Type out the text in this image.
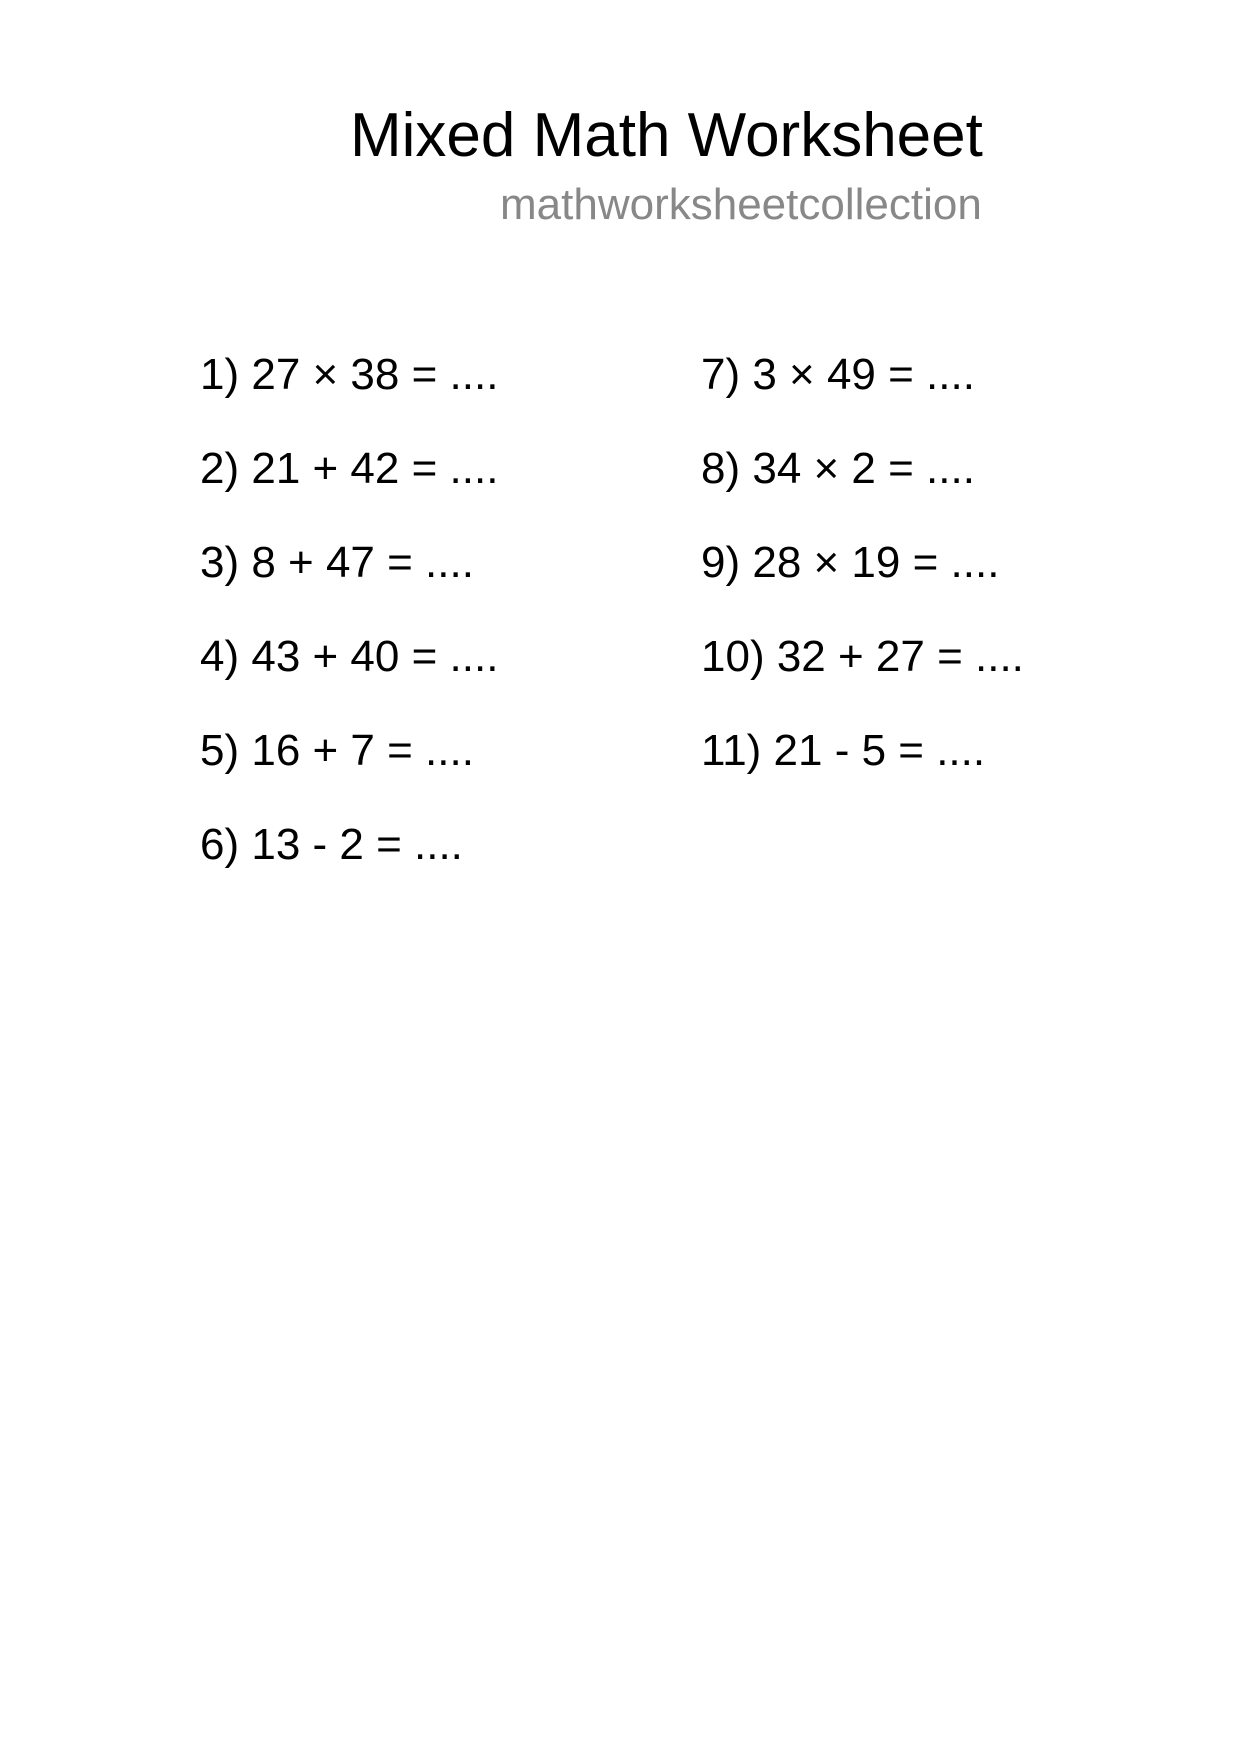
Mixed Math Worksheet
mathworksheetcollection
1) 27 × 38 = ....
2) 21 + 42 = ....
3) 8 + 47 = ....
4) 43 + 40 = ....
5) 16 + 7 = ....
6) 13 - 2 = ....
7) 3 × 49 = ....
8) 34 × 2 = ....
9) 28 × 19 = ....
10) 32 + 27 = ....
11) 21 - 5 = ....
